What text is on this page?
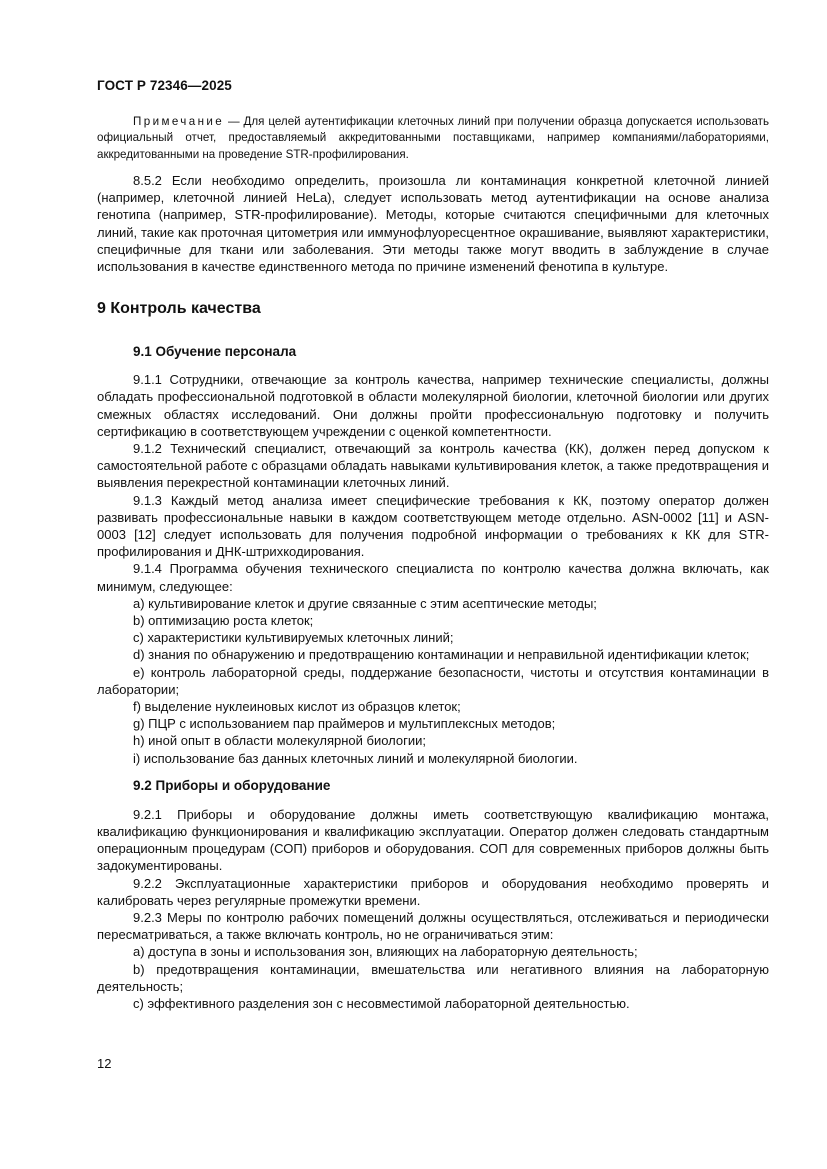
ГОСТ Р 72346—2025

Примечание — Для целей аутентификации клеточных линий при получении образца допускается использовать официальный отчет, предоставляемый аккредитованными поставщиками, например компаниями/лабораториями, аккредитованными на проведение STR-профилирования.

8.5.2 Если необходимо определить, произошла ли контаминация конкретной клеточной линией (например, клеточной линией HeLa), следует использовать метод аутентификации на основе анализа генотипа (например, STR-профилирование). Методы, которые считаются специфичными для клеточных линий, такие как проточная цитометрия или иммунофлуоресцентное окрашивание, выявляют характеристики, специфичные для ткани или заболевания. Эти методы также могут вводить в заблуждение в случае использования в качестве единственного метода по причине изменений фенотипа в культуре.

9 Контроль качества
9.1 Обучение персонала

9.1.1 Сотрудники, отвечающие за контроль качества, например технические специалисты, должны обладать профессиональной подготовкой в области молекулярной биологии, клеточной биологии или других смежных областях исследований. Они должны пройти профессиональную подготовку и получить сертификацию в соответствующем учреждении с оценкой компетентности.

9.1.2 Технический специалист, отвечающий за контроль качества (КК), должен перед допуском к самостоятельной работе с образцами обладать навыками культивирования клеток, а также предотвращения и выявления перекрестной контаминации клеточных линий.

9.1.3 Каждый метод анализа имеет специфические требования к КК, поэтому оператор должен развивать профессиональные навыки в каждом соответствующем методе отдельно. ASN-0002 [11] и ASN-0003 [12] следует использовать для получения подробной информации о требованиях к КК для STR-профилирования и ДНК-штрихкодирования.

9.1.4 Программа обучения технического специалиста по контролю качества должна включать, как минимум, следующее:

a) культивирование клеток и другие связанные с этим асептические методы;

b) оптимизацию роста клеток;

c) характеристики культивируемых клеточных линий;

d) знания по обнаружению и предотвращению контаминации и неправильной идентификации клеток;

e) контроль лабораторной среды, поддержание безопасности, чистоты и отсутствия контаминации в лаборатории;

f) выделение нуклеиновых кислот из образцов клеток;

g) ПЦР с использованием пар праймеров и мультиплексных методов;

h) иной опыт в области молекулярной биологии;

i) использование баз данных клеточных линий и молекулярной биологии.

9.2 Приборы и оборудование

9.2.1 Приборы и оборудование должны иметь соответствующую квалификацию монтажа, квалификацию функционирования и квалификацию эксплуатации. Оператор должен следовать стандартным операционным процедурам (СОП) приборов и оборудования. СОП для современных приборов должны быть задокументированы.

9.2.2 Эксплуатационные характеристики приборов и оборудования необходимо проверять и калибровать через регулярные промежутки времени.

9.2.3 Меры по контролю рабочих помещений должны осуществляться, отслеживаться и периодически пересматриваться, а также включать контроль, но не ограничиваться этим:

a) доступа в зоны и использования зон, влияющих на лабораторную деятельность;

b) предотвращения контаминации, вмешательства или негативного влияния на лабораторную деятельность;

c) эффективного разделения зон с несовместимой лабораторной деятельностью.

12
